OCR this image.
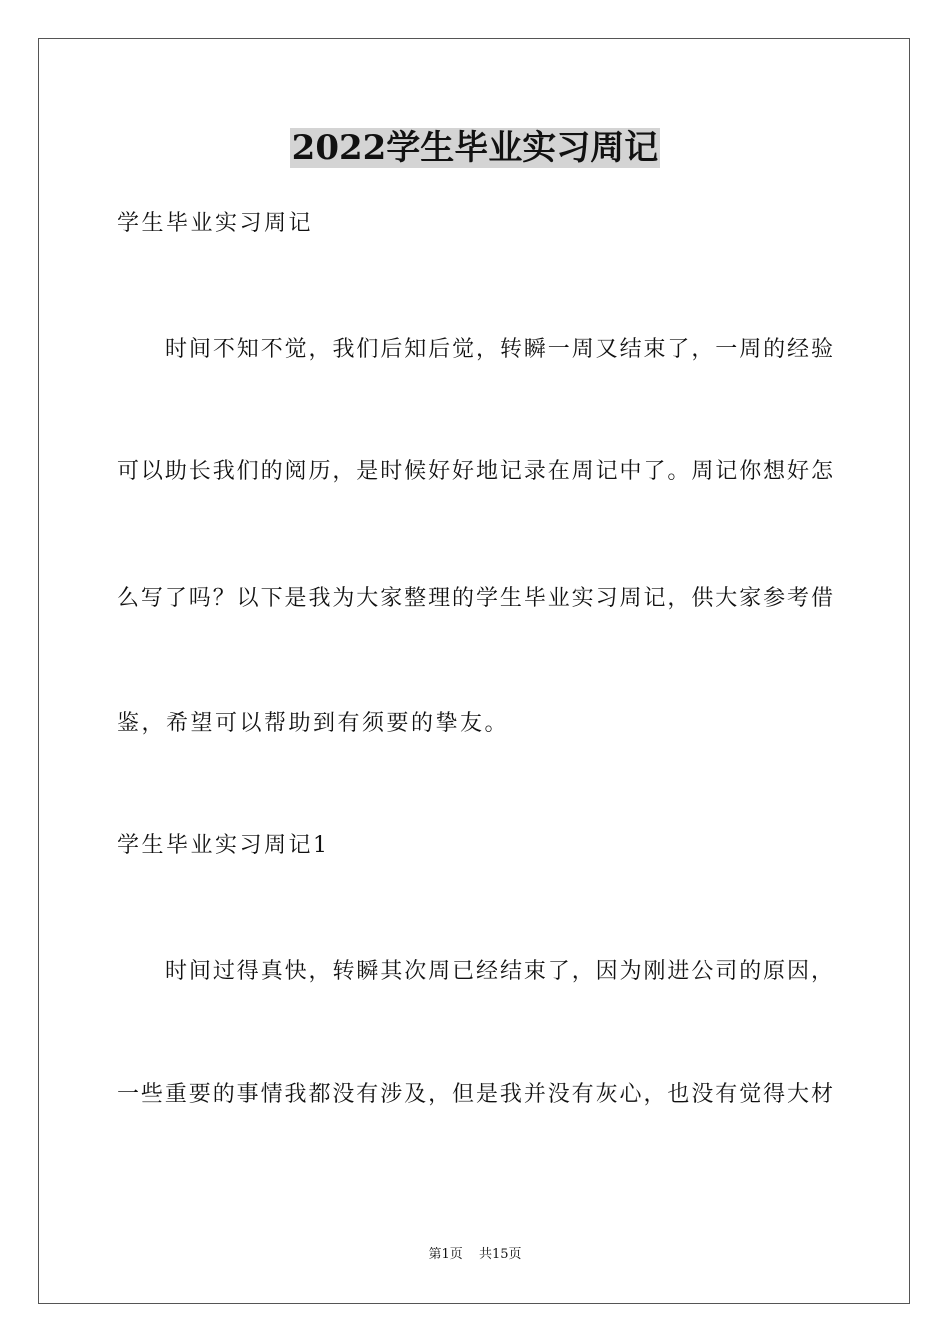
2022学生毕业实习周记
学生毕业实习周记
时间不知不觉，我们后知后觉，转瞬一周又结束了，一周的经验
可以助长我们的阅历，是时候好好地记录在周记中了。周记你想好怎
么写了吗？以下是我为大家整理的学生毕业实习周记，供大家参考借
鉴，希望可以帮助到有须要的挚友。
学生毕业实习周记1
时间过得真快，转瞬其次周已经结束了，因为刚进公司的原因，
一些重要的事情我都没有涉及，但是我并没有灰心，也没有觉得大材
第1页 共15页
